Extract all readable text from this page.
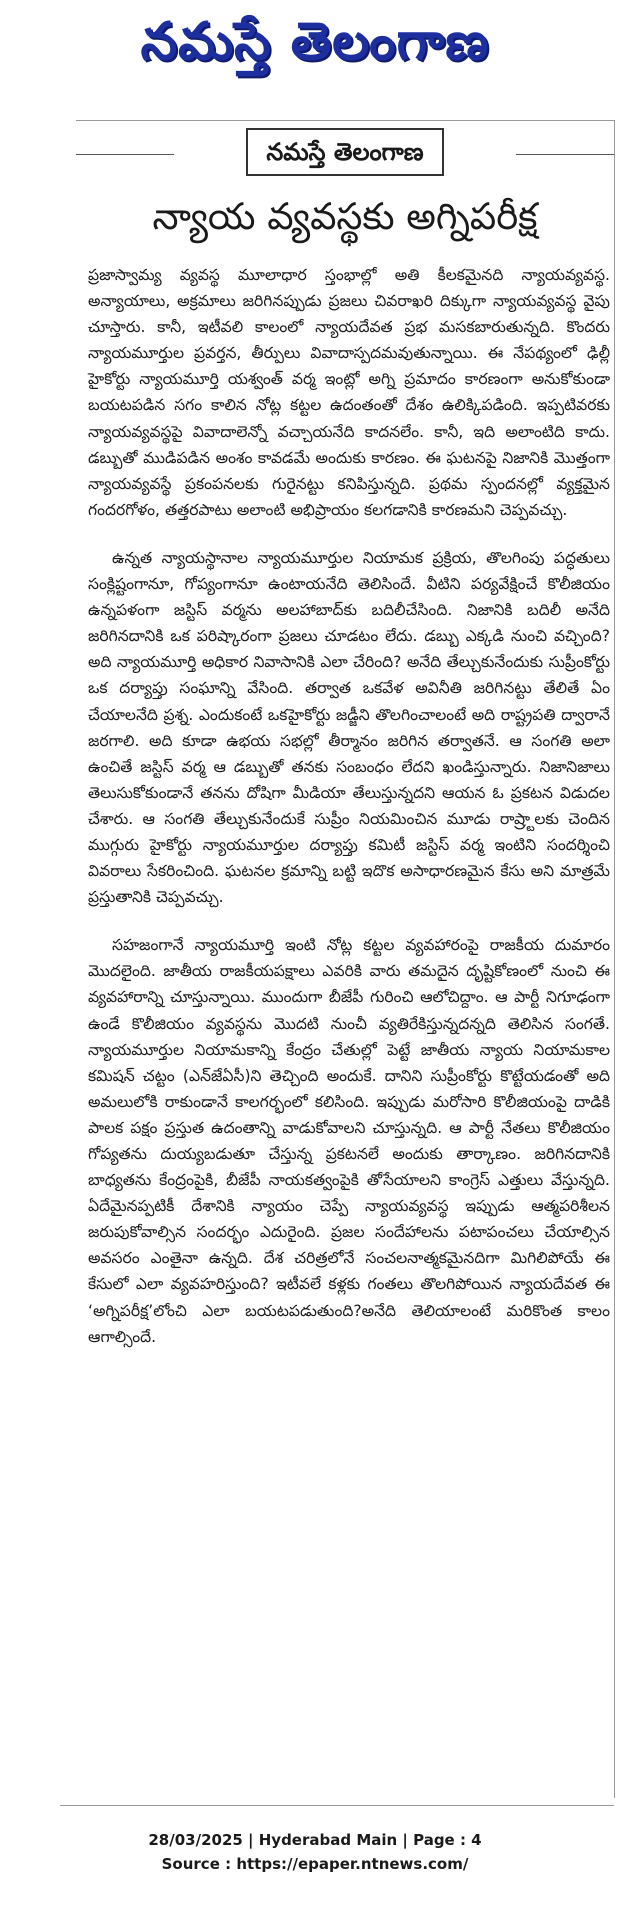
నమస్తే తెలంగాణ
నమస్తే తెలంగాణ
న్యాయ వ్యవస్థకు అగ్నిపరీక్ష

ప్రజాస్వామ్య వ్యవస్థ మూలాధార స్తంభాల్లో అతి కీలకమైనది న్యాయవ్యవస్థ. అన్యాయాలు, అక్రమాలు జరిగినప్పుడు ప్రజలు చివరాఖరి దిక్కుగా న్యాయవ్యవస్థ వైపు చూస్తారు. కానీ, ఇటీవలి కాలంలో న్యాయదేవత ప్రభ మసకబారుతున్నది. కొందరు న్యాయమూర్తుల ప్రవర్తన, తీర్పులు వివాదాస్పదమవుతున్నాయి. ఈ నేపథ్యంలో ఢిల్లీ హైకోర్టు న్యాయమూర్తి యశ్వంత్ వర్మ ఇంట్లో అగ్ని ప్రమాదం కారణంగా అనుకోకుండా బయటపడిన సగం కాలిన నోట్ల కట్టల ఉదంతంతో దేశం ఉలిక్కిపడింది. ఇప్పటివరకు న్యాయవ్యవస్థపై వివాదాలెన్నో వచ్చాయనేది కాదనలేం. కానీ, ఇది అలాంటిది కాదు. డబ్బుతో ముడిపడిన అంశం కావడమే అందుకు కారణం. ఈ ఘటనపై నిజానికి మొత్తంగా న్యాయవ్యవస్థే ప్రకంపనలకు గురైనట్టు కనిపిస్తున్నది. ప్రథమ స్పందనల్లో వ్యక్తమైన గందరగోళం, తత్తరపాటు అలాంటి అభిప్రాయం కలగడానికి కారణమని చెప్పవచ్చు.

ఉన్నత న్యాయస్థానాల న్యాయమూర్తుల నియామక ప్రక్రియ, తొలగింపు పద్ధతులు సంక్లిష్టంగానూ, గోప్యంగానూ ఉంటాయనేది తెలిసిందే. వీటిని పర్యవేక్షించే కొలీజియం ఉన్నపళంగా జస్టిస్ వర్మను అలహాబాద్‌కు బదిలీచేసింది. నిజానికి బదిలీ అనేది జరిగినదానికి ఒక పరిష్కారంగా ప్రజలు చూడటం లేదు. డబ్బు ఎక్కడి నుంచి వచ్చింది? అది న్యాయమూర్తి అధికార నివాసానికి ఎలా చేరింది? అనేది తేల్చుకునేందుకు సుప్రీంకోర్టు ఒక దర్యాప్తు సంఘాన్ని వేసింది. తర్వాత ఒకవేళ అవినీతి జరిగినట్టు తేలితే ఏం చేయాలనేది ప్రశ్న. ఎందుకంటే ఒకహైకోర్టు జడ్జీని తొలగించాలంటే అది రాష్ట్రపతి ద్వారానే జరగాలి. అది కూడా ఉభయ సభల్లో తీర్మానం జరిగిన తర్వాతనే. ఆ సంగతి అలా ఉంచితే జస్టిస్ వర్మ ఆ డబ్బుతో తనకు సంబంధం లేదని ఖండిస్తున్నారు. నిజానిజాలు తెలుసుకోకుండానే తనను దోషిగా మీడియా తేలుస్తున్నదని ఆయన ఓ ప్రకటన విడుదల చేశారు. ఆ సంగతి తేల్చుకునేందుకే సుప్రీం నియమించిన మూడు రాష్ర్టాలకు చెందిన ముగ్గురు హైకోర్టు న్యాయమూర్తుల దర్యాప్తు కమిటీ జస్టిస్ వర్మ ఇంటిని సందర్శించి వివరాలు సేకరించింది. ఘటనల క్రమాన్ని బట్టి ఇదొక అసాధారణమైన కేసు అని మాత్రమే ప్రస్తుతానికి చెప్పవచ్చు.

సహజంగానే న్యాయమూర్తి ఇంటి నోట్ల కట్టల వ్యవహారంపై రాజకీయ దుమారం మొదలైంది. జాతీయ రాజకీయపక్షాలు ఎవరికి వారు తమదైన దృష్టికోణంలో నుంచి ఈ వ్యవహారాన్ని చూస్తున్నాయి. ముందుగా బీజేపీ గురించి ఆలోచిద్దాం. ఆ పార్టీ నిగూఢంగా ఉండే కొలీజియం వ్యవస్థను మొదటి నుంచీ వ్యతిరేకిస్తున్నదన్నది తెలిసిన సంగతే. న్యాయమూర్తుల నియామకాన్ని కేంద్రం చేతుల్లో పెట్టే జాతీయ న్యాయ నియామకాల కమిషన్ చట్టం (ఎన్‌జేఏసీ)ని తెచ్చింది అందుకే. దానిని సుప్రీంకోర్టు కొట్టేయడంతో అది అమలులోకి రాకుండానే కాలగర్భంలో కలిసింది. ఇప్పుడు మరోసారి కొలీజియంపై దాడికి పాలక పక్షం ప్రస్తుత ఉదంతాన్ని వాడుకోవాలని చూస్తున్నది. ఆ పార్టీ నేతలు కొలీజియం గోప్యతను దుయ్యబడుతూ చేస్తున్న ప్రకటనలే అందుకు తార్కాణం. జరిగినదానికి బాధ్యతను కేంద్రంపైకి, బీజేపీ నాయకత్వంపైకి తోసేయాలని కాంగ్రెస్ ఎత్తులు వేస్తున్నది. ఏదేమైనప్పటికీ దేశానికి న్యాయం చెప్పే న్యాయవ్యవస్థ ఇప్పుడు ఆత్మపరిశీలన జరుపుకోవాల్సిన సందర్భం ఎదురైంది. ప్రజల సందేహాలను పటాపంచలు చేయాల్సిన అవసరం ఎంతైనా ఉన్నది. దేశ చరిత్రలోనే సంచలనాత్మకమైనదిగా మిగిలిపోయే ఈ కేసులో ఎలా వ్యవహరిస్తుంది? ఇటీవలే కళ్లకు గంతలు తొలగిపోయిన న్యాయదేవత ఈ ‘అగ్నిపరీక్ష’లోంచి ఎలా బయటపడుతుంది?అనేది తెలియాలంటే మరికొంత కాలం ఆగాల్సిందే.

28/03/2025 | Hyderabad Main | Page : 4
Source : https://epaper.ntnews.com/
